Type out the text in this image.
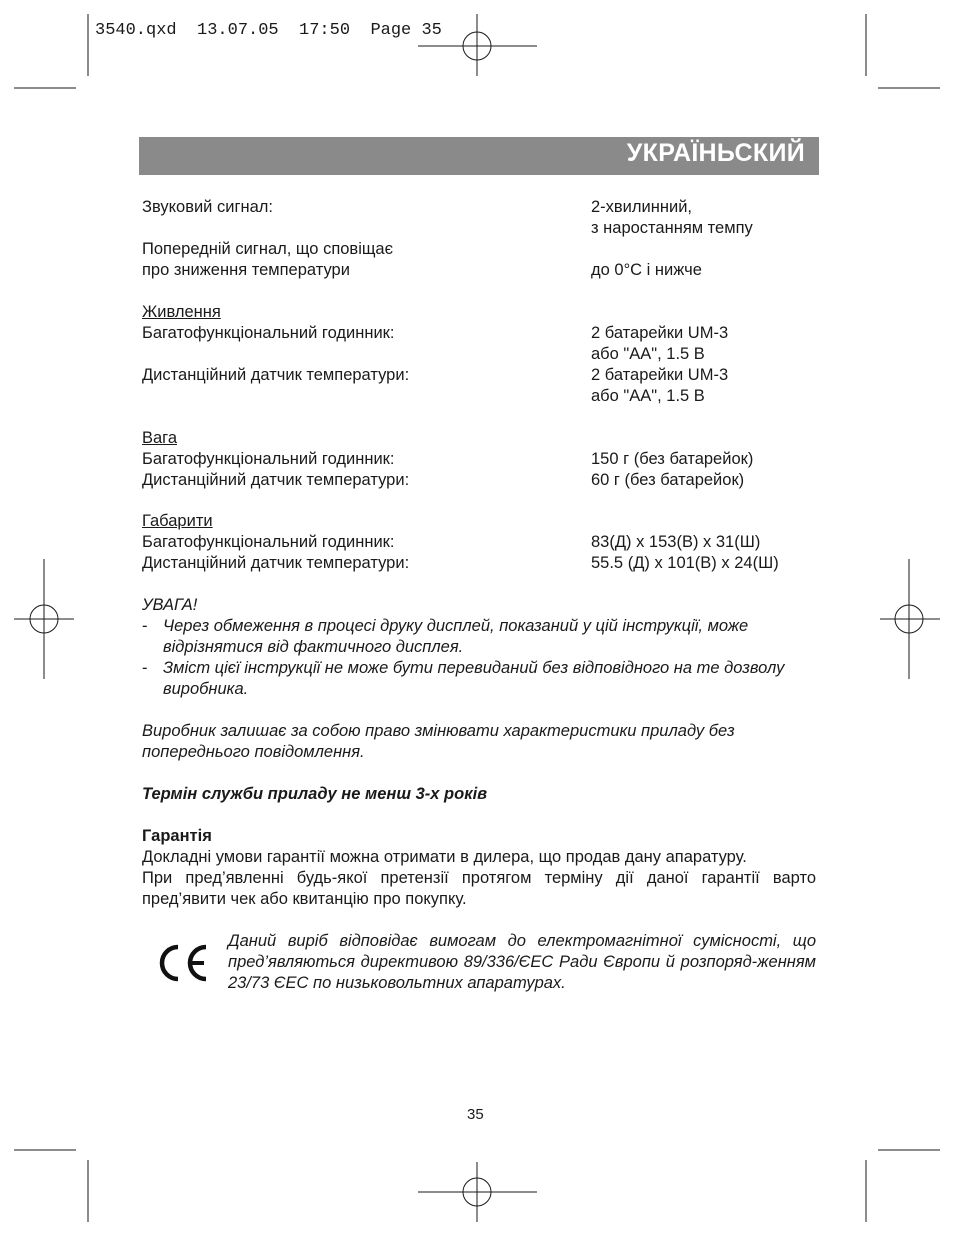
3540.qxd  13.07.05  17:50  Page 35
УКРАЇНЬСКИЙ
Звуковий сигнал:	2-хвилинний,
з наростанням темпу
Попередній сигнал, що сповіщає
про зниження температури	до 0°C і нижче
Живлення
Багатофункціональний годинник:	2 батарейки UM-3
або "AA", 1.5 В
Дистанційний датчик температури:	2 батарейки UM-3
або "AA", 1.5 В
Вага
Багатофункціональний годинник:	150 г (без батарейок)
Дистанційний датчик температури:	60 г (без батарейок)
Габарити
Багатофункціональний годинник:	83(Д) x 153(В) x 31(Ш)
Дистанційний датчик температури:	55.5 (Д) x 101(В) x 24(Ш)
УВАГА!
- Через обмеження в процесі друку дисплей, показаний у цій інструкції, може
відрізнятися від фактичного дисплея.
- Зміст цієї інструкції не може бути перевиданий без відповідного на те дозволу
виробника.
Виробник залишає за собою право змінювати характеристики приладу без
попереднього повідомлення.
Термін служби приладу не менш 3-х років
Гарантія
Докладні умови гарантії можна отримати в дилера, що продав дану апаратуру.
При пред’явленні будь-якої претензії протягом терміну дії даної гарантії варто пред’явити чек або квитанцію про покупку.
Даний виріб відповідає вимогам до електромагнітної сумісності, що пред’являються директивою 89/336/ЄЕС Ради Європи й розпоряд-женням 23/73 ЄЕС по низьковольтних апаратурах.
35
